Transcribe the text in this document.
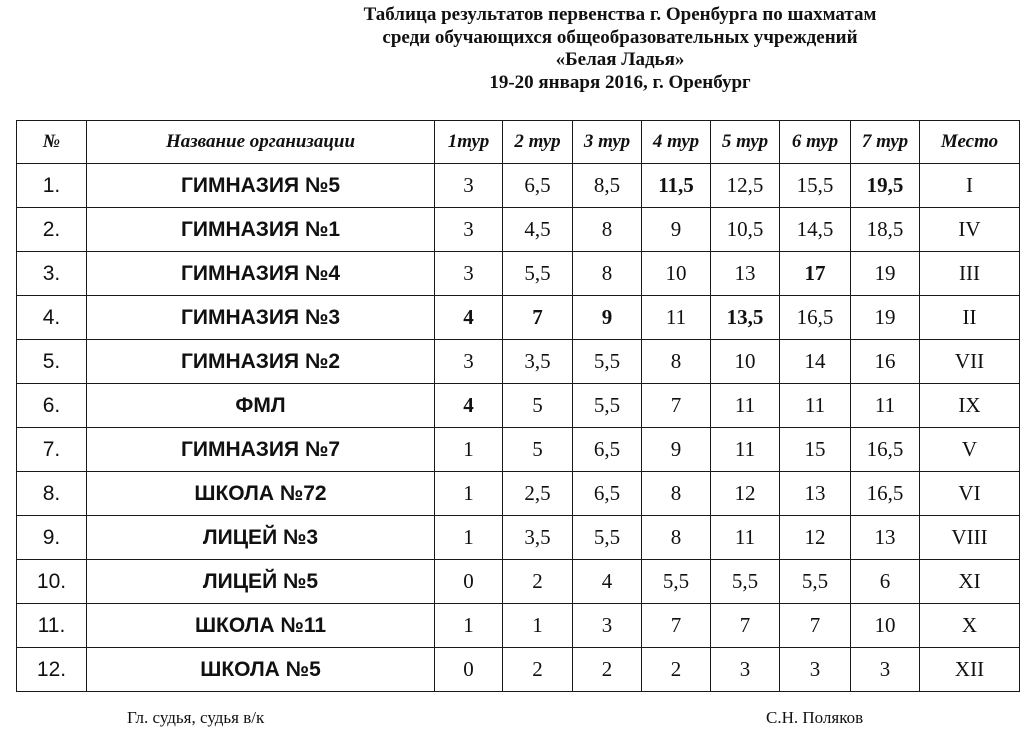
Таблица результатов первенства г. Оренбурга по шахматам
среди обучающихся общеобразовательных учреждений
«Белая Ладья»
19-20 января 2016, г. Оренбург
№	Название организации	1тур	2 тур	3 тур	4 тур	5 тур	6 тур	7 тур	Место
1.	ГИМНАЗИЯ №5	3	6,5	8,5	11,5	12,5	15,5	19,5	I
2.	ГИМНАЗИЯ №1	3	4,5	8	9	10,5	14,5	18,5	IV
3.	ГИМНАЗИЯ №4	3	5,5	8	10	13	17	19	III
4.	ГИМНАЗИЯ №3	4	7	9	11	13,5	16,5	19	II
5.	ГИМНАЗИЯ №2	3	3,5	5,5	8	10	14	16	VII
6.	ФМЛ	4	5	5,5	7	11	11	11	IX
7.	ГИМНАЗИЯ №7	1	5	6,5	9	11	15	16,5	V
8.	ШКОЛА №72	1	2,5	6,5	8	12	13	16,5	VI
9.	ЛИЦЕЙ №3	1	3,5	5,5	8	11	12	13	VIII
10.	ЛИЦЕЙ №5	0	2	4	5,5	5,5	5,5	6	XI
11.	ШКОЛА №11	1	1	3	7	7	7	10	X
12.	ШКОЛА №5	0	2	2	2	3	3	3	XII
Гл. судья, судья в/к	С.Н. Поляков
